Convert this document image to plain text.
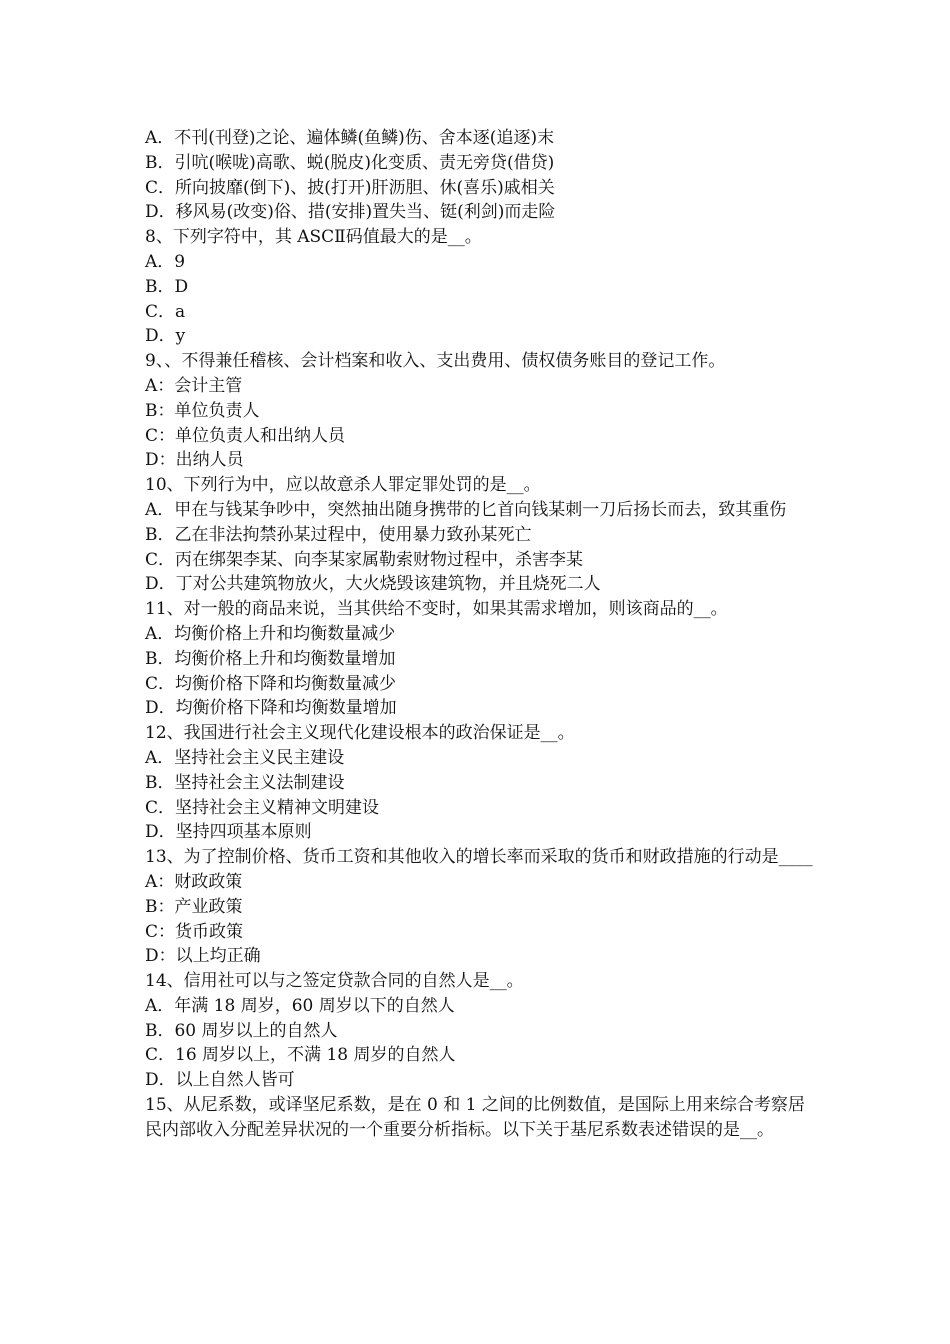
A．不刊(刊登)之论、遍体鳞(鱼鳞)伤、舍本逐(追逐)末

B．引吭(喉咙)高歌、蜕(脱皮)化变质、责无旁贷(借贷)

C．所向披靡(倒下)、披(打开)肝沥胆、休(喜乐)戚相关

D．移风易(改变)俗、措(安排)置失当、铤(利剑)而走险

8、下列字符中，其 ASCⅡ码值最大的是__。

A．9

B．D

C．a

D．y

9、、不得兼任稽核、会计档案和收入、支出费用、债权债务账目的登记工作。

A：会计主管

B：单位负责人

C：单位负责人和出纳人员

D：出纳人员

10、下列行为中，应以故意杀人罪定罪处罚的是__。

A．甲在与钱某争吵中，突然抽出随身携带的匕首向钱某刺一刀后扬长而去，致其重伤

B．乙在非法拘禁孙某过程中，使用暴力致孙某死亡

C．丙在绑架李某、向李某家属勒索财物过程中，杀害李某

D．丁对公共建筑物放火，大火烧毁该建筑物，并且烧死二人

11、对一般的商品来说，当其供给不变时，如果其需求增加，则该商品的__。

A．均衡价格上升和均衡数量减少

B．均衡价格上升和均衡数量增加

C．均衡价格下降和均衡数量减少

D．均衡价格下降和均衡数量增加

12、我国进行社会主义现代化建设根本的政治保证是__。

A．坚持社会主义民主建设

B．坚持社会主义法制建设

C．坚持社会主义精神文明建设

D．坚持四项基本原则

13、为了控制价格、货币工资和其他收入的增长率而采取的货币和财政措施的行动是____

A：财政政策

B：产业政策

C：货币政策

D：以上均正确

14、信用社可以与之签定贷款合同的自然人是__。

A．年满 18 周岁，60 周岁以下的自然人

B．60 周岁以上的自然人

C．16 周岁以上，不满 18 周岁的自然人

D．以上自然人皆可

15、从尼系数，或译坚尼系数，是在 0 和 1 之间的比例数值，是国际上用来综合考察居民内部收入分配差异状况的一个重要分析指标。以下关于基尼系数表述错误的是__。
